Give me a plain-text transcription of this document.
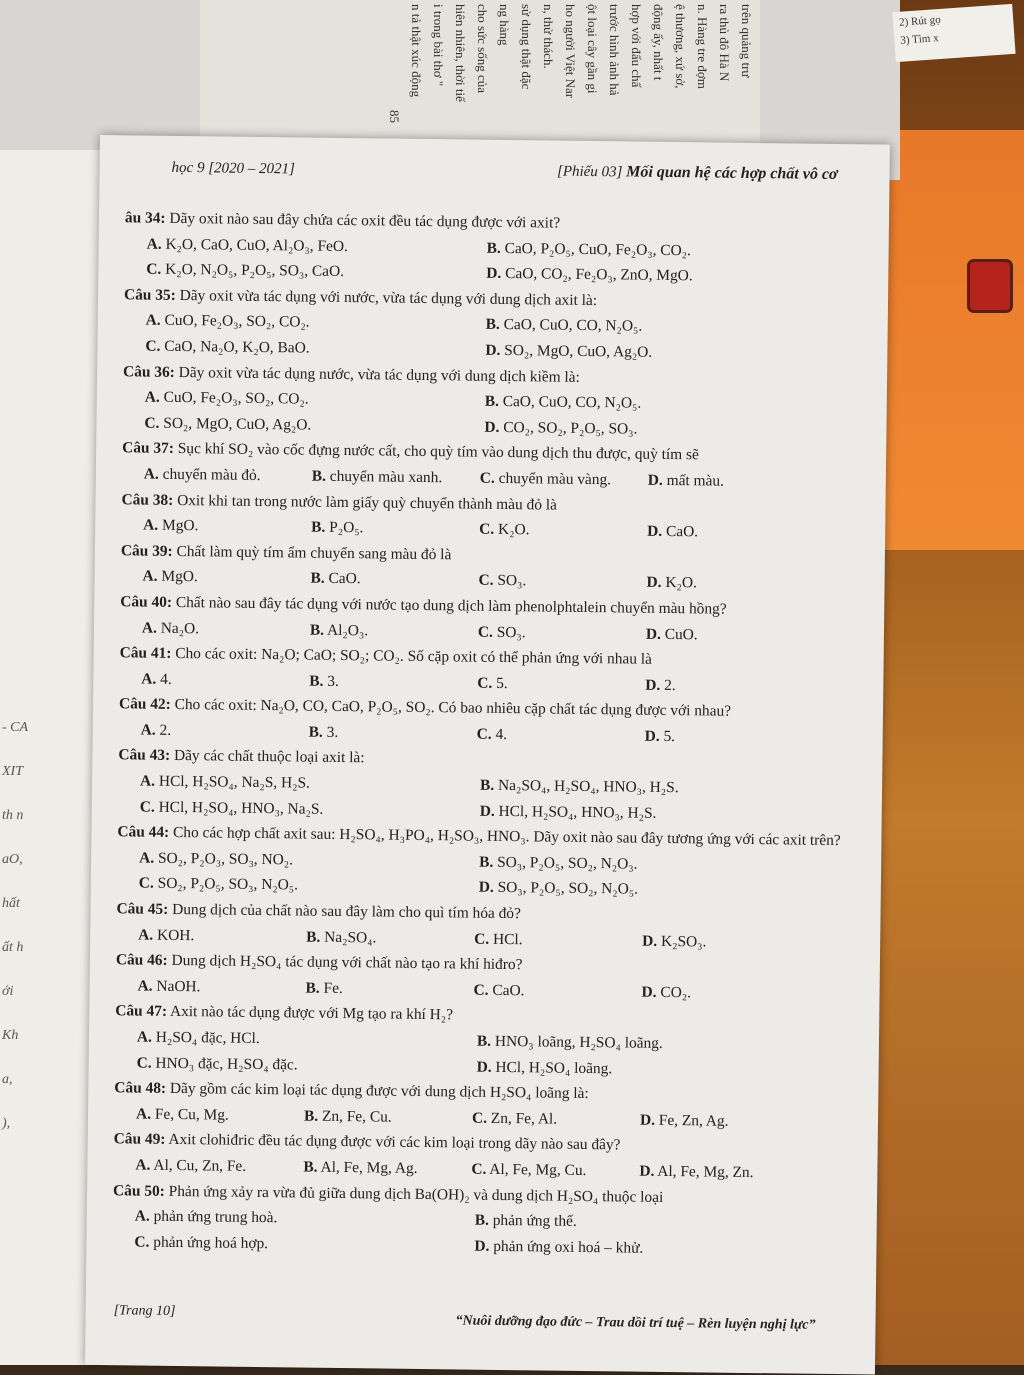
trên quảng trư
ra thủ đô Hà N
n. Hàng tre đợm
ệ thương, xứ sở,
động ấy, nhất t
hợp với đấu chấ
trước hình ảnh hả
ột loại cây gần gi
ho người Việt Nar
n, thử thách.
sử dụng thật đặc
ng hàng
cho sức sống của
hiên nhiên, thời tiế
i trong bài thơ "
n tả thật xúc động
85
2) Rút gọ
3) Tìm x
- CA
XIT
th n
aO,
hất
ất h
ới
Kh
a,
),
học 9 [2020 – 2021]	[Phiếu 03] Mối quan hệ các hợp chất vô cơ
âu 34: Dãy oxit nào sau đây chứa các oxit đều tác dụng được với axit?
A. K₂O, CaO, CuO, Al₂O₃, FeO.	B. CaO, P₂O₅, CuO, Fe₂O₃, CO₂.
C. K₂O, N₂O₅, P₂O₅, SO₃, CaO.	D. CaO, CO₂, Fe₂O₃, ZnO, MgO.
Câu 35: Dãy oxit vừa tác dụng với nước, vừa tác dụng với dung dịch axit là:
A. CuO, Fe₂O₃, SO₂, CO₂.	B. CaO, CuO, CO, N₂O₅.
C. CaO, Na₂O, K₂O, BaO.	D. SO₂, MgO, CuO, Ag₂O.
Câu 36: Dãy oxit vừa tác dụng nước, vừa tác dụng với dung dịch kiềm là:
A. CuO, Fe₂O₃, SO₂, CO₂.	B. CaO, CuO, CO, N₂O₅.
C. SO₂, MgO, CuO, Ag₂O.	D. CO₂, SO₂, P₂O₅, SO₃.
Câu 37: Sục khí SO₂ vào cốc đựng nước cất, cho quỳ tím vào dung dịch thu được, quỳ tím sẽ
A. chuyển màu đỏ.	B. chuyển màu xanh.	C. chuyển màu vàng.	D. mất màu.
Câu 38: Oxit khi tan trong nước làm giấy quỳ chuyển thành màu đỏ là
A. MgO.	B. P₂O₅.	C. K₂O.	D. CaO.
Câu 39: Chất làm quỳ tím ẩm chuyển sang màu đỏ là
A. MgO.	B. CaO.	C. SO₃.	D. K₂O.
Câu 40: Chất nào sau đây tác dụng với nước tạo dung dịch làm phenolphtalein chuyển màu hồng?
A. Na₂O.	B. Al₂O₃.	C. SO₃.	D. CuO.
Câu 41: Cho các oxit: Na₂O; CaO; SO₂; CO₂. Số cặp oxit có thể phản ứng với nhau là
A. 4.	B. 3.	C. 5.	D. 2.
Câu 42: Cho các oxit: Na₂O, CO, CaO, P₂O₅, SO₂. Có bao nhiêu cặp chất tác dụng được với nhau?
A. 2.	B. 3.	C. 4.	D. 5.
Câu 43: Dãy các chất thuộc loại axit là:
A. HCl, H₂SO₄, Na₂S, H₂S.	B. Na₂SO₄, H₂SO₄, HNO₃, H₂S.
C. HCl, H₂SO₄, HNO₃, Na₂S.	D. HCl, H₂SO₄, HNO₃, H₂S.
Câu 44: Cho các hợp chất axit sau: H₂SO₄, H₃PO₄, H₂SO₃, HNO₃. Dãy oxit nào sau đây tương ứng với các axit trên?
A. SO₂, P₂O₃, SO₃, NO₂.	B. SO₃, P₂O₅, SO₂, N₂O₃.
C. SO₂, P₂O₅, SO₃, N₂O₅.	D. SO₃, P₂O₅, SO₂, N₂O₅.
Câu 45: Dung dịch của chất nào sau đây làm cho quì tím hóa đỏ?
A. KOH.	B. Na₂SO₄.	C. HCl.	D. K₂SO₃.
Câu 46: Dung dịch H₂SO₄ tác dụng với chất nào tạo ra khí hiđro?
A. NaOH.	B. Fe.	C. CaO.	D. CO₂.
Câu 47: Axit nào tác dụng được với Mg tạo ra khí H₂?
A. H₂SO₄ đặc, HCl.	B. HNO₃ loãng, H₂SO₄ loãng.
C. HNO₃ đặc, H₂SO₄ đặc.	D. HCl, H₂SO₄ loãng.
Câu 48: Dãy gồm các kim loại tác dụng được với dung dịch H₂SO₄ loãng là:
A. Fe, Cu, Mg.	B. Zn, Fe, Cu.	C. Zn, Fe, Al.	D. Fe, Zn, Ag.
Câu 49: Axit clohiđric đều tác dụng được với các kim loại trong dãy nào sau đây?
A. Al, Cu, Zn, Fe.	B. Al, Fe, Mg, Ag.	C. Al, Fe, Mg, Cu.	D. Al, Fe, Mg, Zn.
Câu 50: Phản ứng xảy ra vừa đủ giữa dung dịch Ba(OH)₂ và dung dịch H₂SO₄ thuộc loại
A. phản ứng trung hoà.	B. phản ứng thế.
C. phản ứng hoá hợp.	D. phản ứng oxi hoá – khử.
[Trang 10]
“Nuôi dưỡng đạo đức – Trau dồi trí tuệ – Rèn luyện nghị lực”
